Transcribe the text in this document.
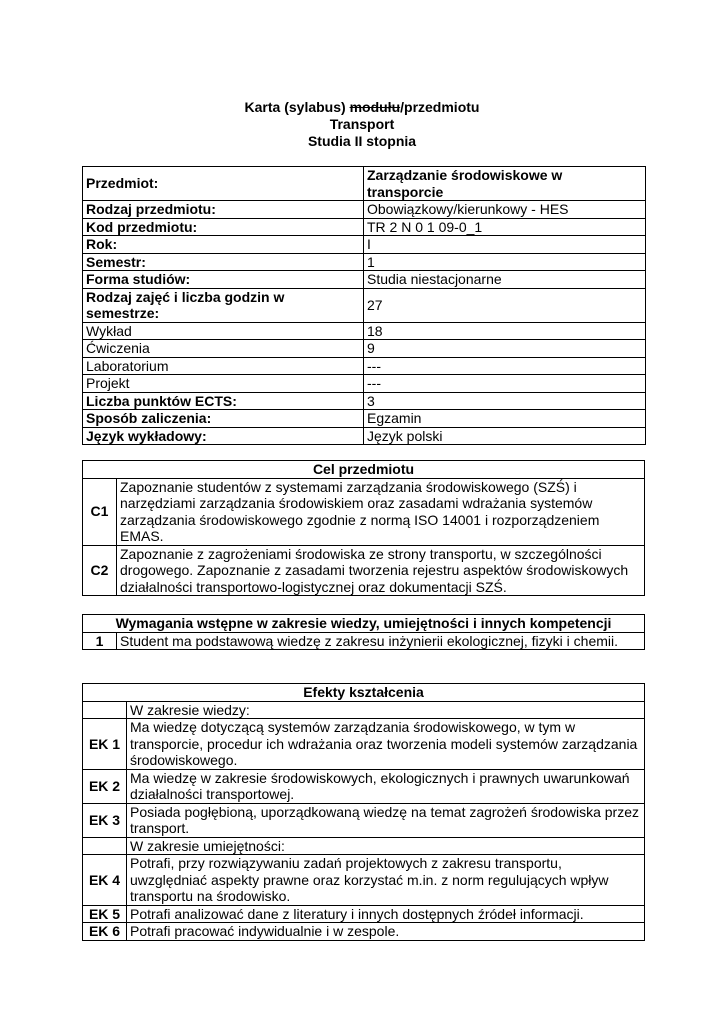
Karta (sylabus) modułu/przedmiotu
Transport
Studia II stopnia
Przedmiot:	Zarządzanie środowiskowe w transporcie
Rodzaj przedmiotu:	Obowiązkowy/kierunkowy - HES
Kod przedmiotu:	TR 2 N 0 1 09-0_1
Rok:	I
Semestr:	1
Forma studiów:	Studia niestacjonarne
Rodzaj zajęć i liczba godzin w semestrze:	27
Wykład	18
Ćwiczenia	9
Laboratorium	---
Projekt	---
Liczba punktów ECTS:	3
Sposób zaliczenia:	Egzamin
Język wykładowy:	Język polski
Cel przedmiotu	
C1	Zapoznanie studentów z systemami zarządzania środowiskowego (SZŚ) i narzędziami zarządzania środowiskiem oraz zasadami wdrażania systemów zarządzania środowiskowego zgodnie z normą ISO 14001 i rozporządzeniem EMAS.
C2	Zapoznanie z zagrożeniami środowiska ze strony transportu, w szczególności drogowego. Zapoznanie z zasadami tworzenia rejestru aspektów środowiskowych działalności transportowo-logistycznej oraz dokumentacji SZŚ.
Wymagania wstępne w zakresie wiedzy, umiejętności i innych kompetencji
1	Student ma podstawową wiedzę z zakresu inżynierii ekologicznej, fizyki i chemii.
Efekty kształcenia	
	W zakresie wiedzy:
EK 1	Ma wiedzę dotyczącą systemów zarządzania środowiskowego, w tym w transporcie, procedur ich wdrażania oraz tworzenia modeli systemów zarządzania środowiskowego.
EK 2	Ma wiedzę w zakresie środowiskowych, ekologicznych i prawnych uwarunkowań działalności transportowej.
EK 3	Posiada pogłębioną, uporządkowaną wiedzę na temat zagrożeń środowiska przez transport.
	W zakresie umiejętności:
EK 4	Potrafi, przy rozwiązywaniu zadań projektowych z zakresu transportu, uwzględniać aspekty prawne oraz korzystać m.in. z norm regulujących wpływ transportu na środowisko.
EK 5	Potrafi analizować dane z literatury i innych dostępnych źródeł informacji.
EK 6	Potrafi pracować indywidualnie i w zespole.
